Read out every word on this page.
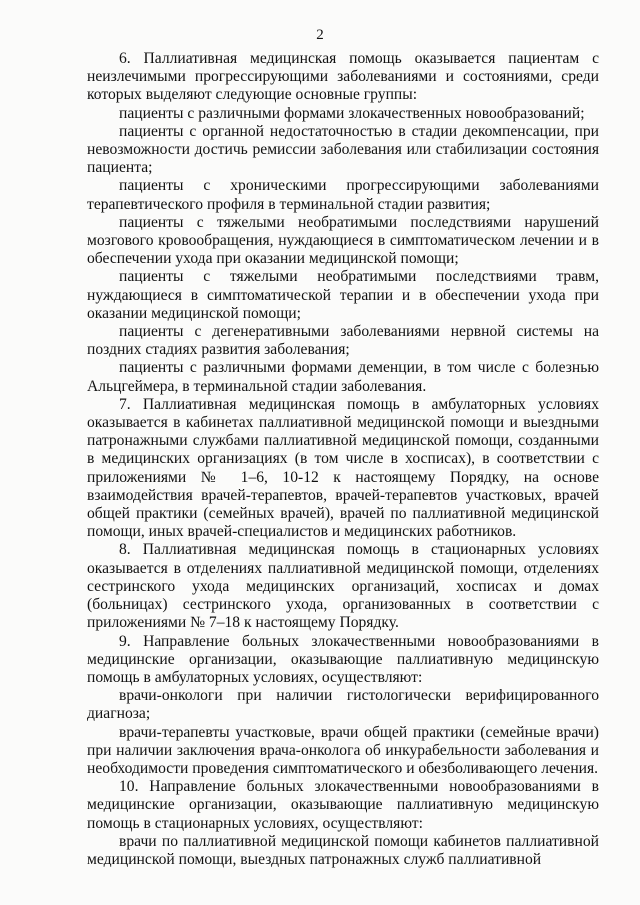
2

6. Паллиативная медицинская помощь оказывается пациентам с неизлечимыми прогрессирующими заболеваниями и состояниями, среди которых выделяют следующие основные группы:

пациенты с различными формами злокачественных новообразований;

пациенты с органной недостаточностью в стадии декомпенсации, при невозможности достичь ремиссии заболевания или стабилизации состояния пациента;

пациенты с хроническими прогрессирующими заболеваниями терапевтического профиля в терминальной стадии развития;

пациенты с тяжелыми необратимыми последствиями нарушений мозгового кровообращения, нуждающиеся в симптоматическом лечении и в обеспечении ухода при оказании медицинской помощи;

пациенты с тяжелыми необратимыми последствиями травм, нуждающиеся в симптоматической терапии и в обеспечении ухода при оказании медицинской помощи;

пациенты с дегенеративными заболеваниями нервной системы на поздних стадиях развития заболевания;

пациенты с различными формами деменции, в том числе с болезнью Альцгеймера, в терминальной стадии заболевания.

7. Паллиативная медицинская помощь в амбулаторных условиях оказывается в кабинетах паллиативной медицинской помощи и выездными патронажными службами паллиативной медицинской помощи, созданными в медицинских организациях (в том числе в хосписах), в соответствии с приложениями № 1–6, 10-12 к настоящему Порядку, на основе взаимодействия врачей-терапевтов, врачей-терапевтов участковых, врачей общей практики (семейных врачей), врачей по паллиативной медицинской помощи, иных врачей-специалистов и медицинских работников.

8. Паллиативная медицинская помощь в стационарных условиях оказывается в отделениях паллиативной медицинской помощи, отделениях сестринского ухода медицинских организаций, хосписах и домах (больницах) сестринского ухода, организованных в соответствии с приложениями № 7–18 к настоящему Порядку.

9. Направление больных злокачественными новообразованиями в медицинские организации, оказывающие паллиативную медицинскую помощь в амбулаторных условиях, осуществляют:

врачи-онкологи при наличии гистологически верифицированного диагноза;

врачи-терапевты участковые, врачи общей практики (семейные врачи) при наличии заключения врача-онколога об инкурабельности заболевания и необходимости проведения симптоматического и обезболивающего лечения.

10. Направление больных злокачественными новообразованиями в медицинские организации, оказывающие паллиативную медицинскую помощь в стационарных условиях, осуществляют:

врачи по паллиативной медицинской помощи кабинетов паллиативной медицинской помощи, выездных патронажных служб паллиативной
